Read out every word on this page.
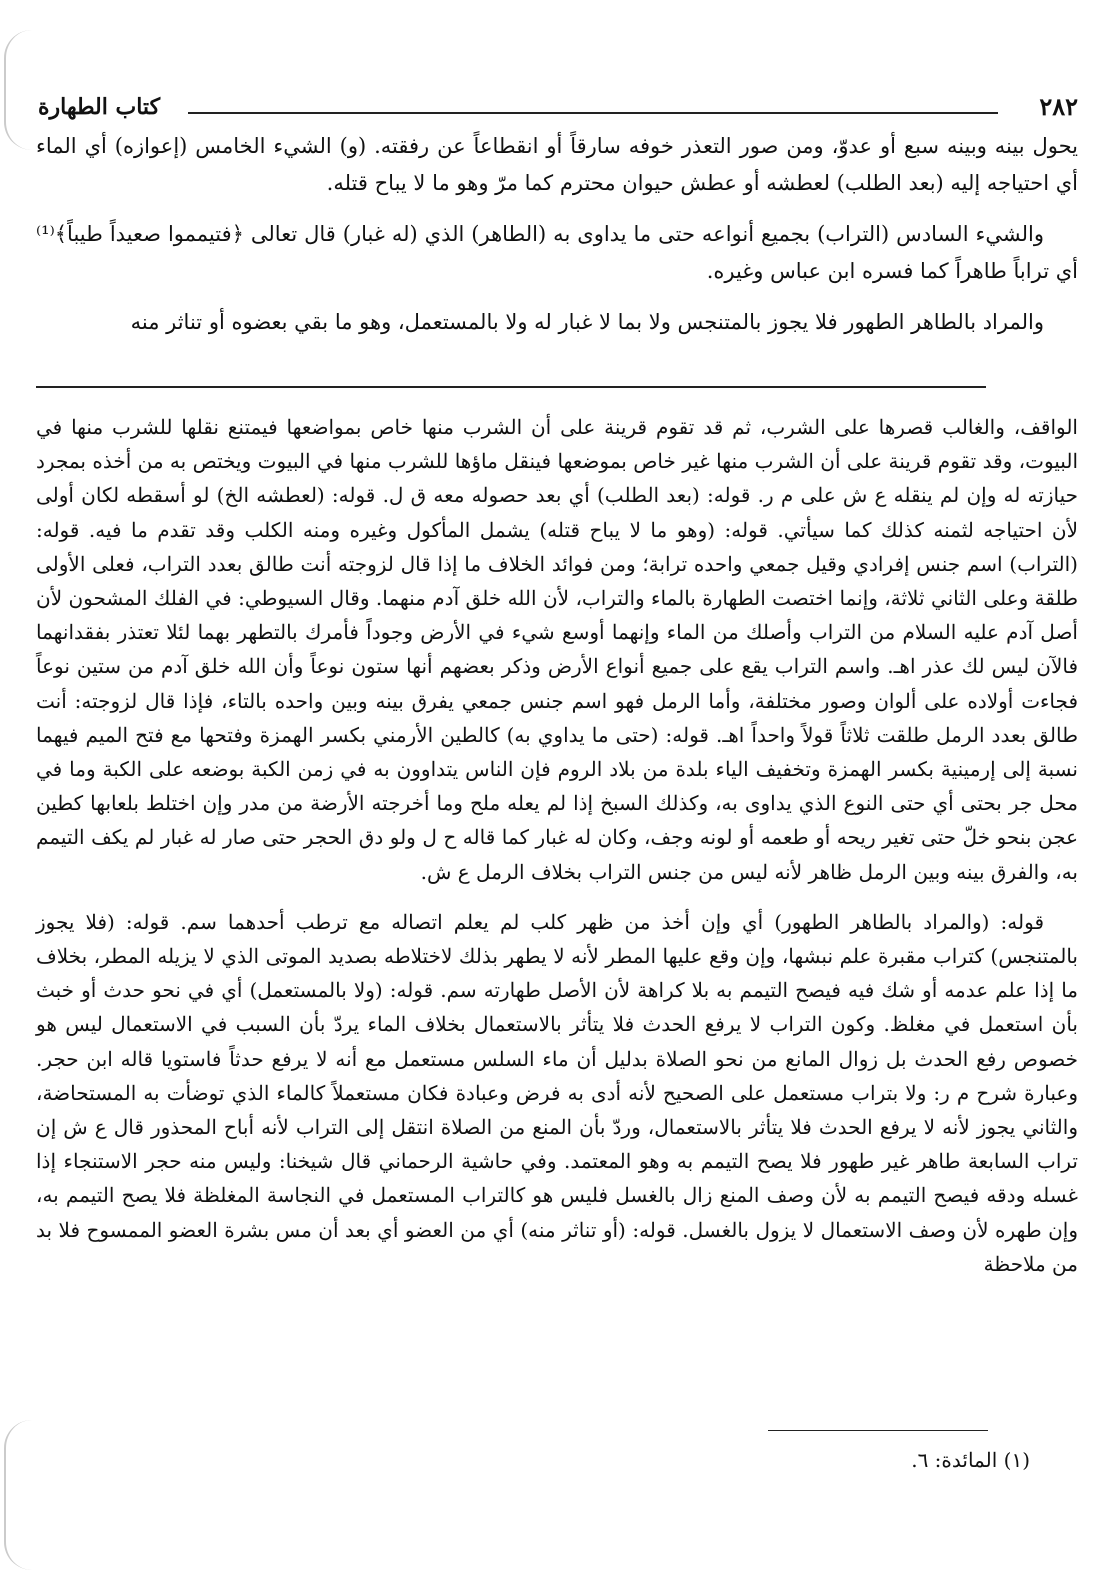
٢٨٢
كتاب الطهارة

يحول بينه وبينه سبع أو عدوّ، ومن صور التعذر خوفه سارقاً أو انقطاعاً عن رفقته. (و) الشيء الخامس (إعوازه) أي الماء أي احتياجه إليه (بعد الطلب) لعطشه أو عطش حيوان محترم كما مرّ وهو ما لا يباح قتله.

والشيء السادس (التراب) بجميع أنواعه حتى ما يداوى به (الطاهر) الذي (له غبار) قال تعالى ﴿فتيمموا صعيداً طيباً﴾⁽¹⁾ أي تراباً طاهراً كما فسره ابن عباس وغيره.

والمراد بالطاهر الطهور فلا يجوز بالمتنجس ولا بما لا غبار له ولا بالمستعمل، وهو ما بقي بعضوه أو تناثر منه

الواقف، والغالب قصرها على الشرب، ثم قد تقوم قرينة على أن الشرب منها خاص بمواضعها فيمتنع نقلها للشرب منها في البيوت، وقد تقوم قرينة على أن الشرب منها غير خاص بموضعها فينقل ماؤها للشرب منها في البيوت ويختص به من أخذه بمجرد حيازته له وإن لم ينقله ع ش على م ر. قوله: (بعد الطلب) أي بعد حصوله معه ق ل. قوله: (لعطشه الخ) لو أسقطه لكان أولى لأن احتياجه لثمنه كذلك كما سيأتي. قوله: (وهو ما لا يباح قتله) يشمل المأكول وغيره ومنه الكلب وقد تقدم ما فيه. قوله: (التراب) اسم جنس إفرادي وقيل جمعي واحده ترابة؛ ومن فوائد الخلاف ما إذا قال لزوجته أنت طالق بعدد التراب، فعلى الأولى طلقة وعلى الثاني ثلاثة، وإنما اختصت الطهارة بالماء والتراب، لأن الله خلق آدم منهما. وقال السيوطي: في الفلك المشحون لأن أصل آدم عليه السلام من التراب وأصلك من الماء وإنهما أوسع شيء في الأرض وجوداً فأمرك بالتطهر بهما لئلا تعتذر بفقدانهما فالآن ليس لك عذر اهـ. واسم التراب يقع على جميع أنواع الأرض وذكر بعضهم أنها ستون نوعاً وأن الله خلق آدم من ستين نوعاً فجاءت أولاده على ألوان وصور مختلفة، وأما الرمل فهو اسم جنس جمعي يفرق بينه وبين واحده بالتاء، فإذا قال لزوجته: أنت طالق بعدد الرمل طلقت ثلاثاً قولاً واحداً اهـ. قوله: (حتى ما يداوي به) كالطين الأرمني بكسر الهمزة وفتحها مع فتح الميم فيهما نسبة إلى إرمينية بكسر الهمزة وتخفيف الياء بلدة من بلاد الروم فإن الناس يتداوون به في زمن الكبة بوضعه على الكبة وما في محل جر بحتى أي حتى النوع الذي يداوى به، وكذلك السبخ إذا لم يعله ملح وما أخرجته الأرضة من مدر وإن اختلط بلعابها كطين عجن بنحو خلّ حتى تغير ريحه أو طعمه أو لونه وجف، وكان له غبار كما قاله ح ل ولو دق الحجر حتى صار له غبار لم يكف التيمم به، والفرق بينه وبين الرمل ظاهر لأنه ليس من جنس التراب بخلاف الرمل ع ش.

قوله: (والمراد بالطاهر الطهور) أي وإن أخذ من ظهر كلب لم يعلم اتصاله مع ترطب أحدهما سم. قوله: (فلا يجوز بالمتنجس) كتراب مقبرة علم نبشها، وإن وقع عليها المطر لأنه لا يطهر بذلك لاختلاطه بصديد الموتى الذي لا يزيله المطر، بخلاف ما إذا علم عدمه أو شك فيه فيصح التيمم به بلا كراهة لأن الأصل طهارته سم. قوله: (ولا بالمستعمل) أي في نحو حدث أو خبث بأن استعمل في مغلظ. وكون التراب لا يرفع الحدث فلا يتأثر بالاستعمال بخلاف الماء يردّ بأن السبب في الاستعمال ليس هو خصوص رفع الحدث بل زوال المانع من نحو الصلاة بدليل أن ماء السلس مستعمل مع أنه لا يرفع حدثاً فاستويا قاله ابن حجر. وعبارة شرح م ر: ولا بتراب مستعمل على الصحيح لأنه أدى به فرض وعبادة فكان مستعملاً كالماء الذي توضأت به المستحاضة، والثاني يجوز لأنه لا يرفع الحدث فلا يتأثر بالاستعمال، وردّ بأن المنع من الصلاة انتقل إلى التراب لأنه أباح المحذور قال ع ش إن تراب السابعة طاهر غير طهور فلا يصح التيمم به وهو المعتمد. وفي حاشية الرحماني قال شيخنا: وليس منه حجر الاستنجاء إذا غسله ودقه فيصح التيمم به لأن وصف المنع زال بالغسل فليس هو كالتراب المستعمل في النجاسة المغلظة فلا يصح التيمم به، وإن طهره لأن وصف الاستعمال لا يزول بالغسل. قوله: (أو تناثر منه) أي من العضو أي بعد أن مس بشرة العضو الممسوح فلا بد من ملاحظة

(١) المائدة: ٦.
